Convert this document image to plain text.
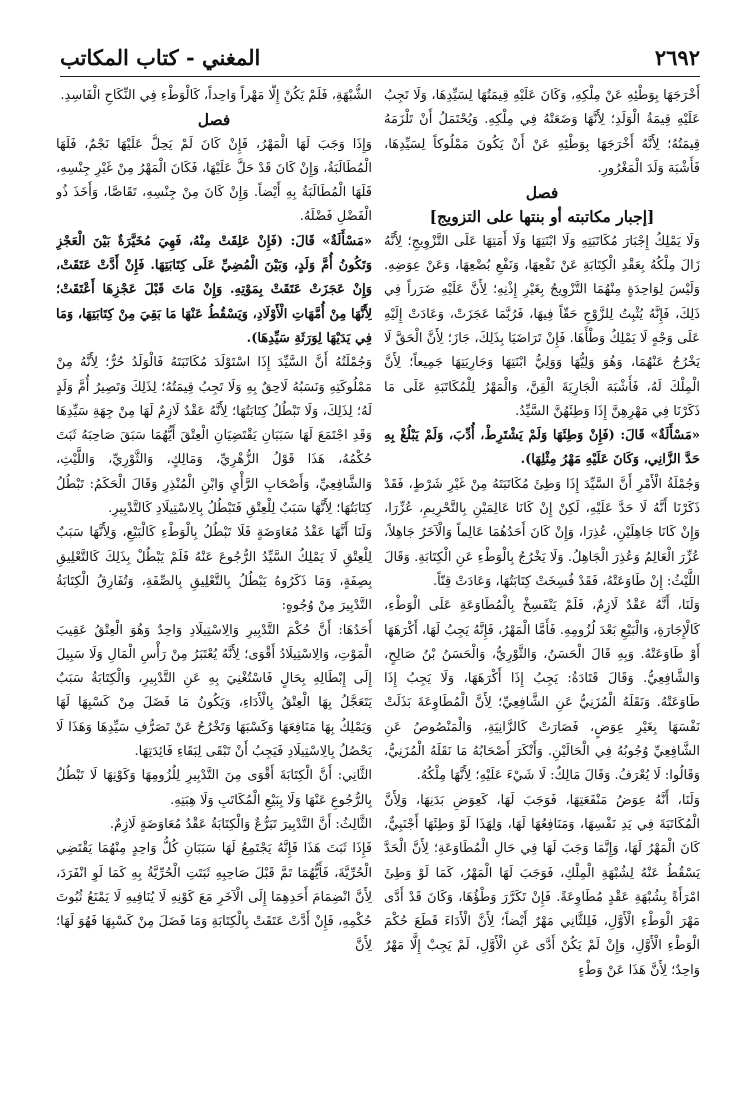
٢٦٩٢
المغني - كتاب المكاتب

أَخْرَجَهَا بِوَطْئِهِ عَنْ مِلْكِهِ، وَكَانَ عَلَيْهِ قِيمَتُهَا لِسَيِّدِهَا، وَلَا تَجِبُ عَلَيْهِ قِيمَةُ الْوَلَدِ؛ لِأَنَّهَا وَضَعَتْهُ فِي مِلْكِهِ. وَيُحْتَمَلُ أَنْ تَلْزَمَهُ قِيمَتُهُ؛ لِأَنَّهُ أَخْرَجَهَا بِوَطْئِهِ عَنْ أَنْ يَكُونَ مَمْلُوكاً لِسَيِّدِهَا، فَأَشْبَهَ وَلَدَ الْمَغْرُورِ.

فصل

[إجبار مكاتبته أو بنتها على التزويج]

وَلَا يَمْلِكُ إِجْبَارَ مُكَاتَبَتِهِ وَلَا ابْنَتِهَا وَلَا أَمَتِهَا عَلَى التَّزْوِيجِ؛ لِأَنَّهُ زَالَ مِلْكُهُ بِعَقْدِ الْكِتَابَةِ عَنْ نَفْعِهَا، وَنَفْعِ بُضْعِهَا، وَعَنْ عِوَضِهِ. وَلَيْسَ لِوَاحِدَةٍ مِنْهُمَا التَّزْوِيجُ بِغَيْرِ إِذْنِهِ؛ لِأَنَّ عَلَيْهِ ضَرَراً فِي ذَلِكَ، فَإِنَّهُ يُثْبِتُ لِلزَّوْجِ حَقّاً فِيهَا، فَرُبَّمَا عَجَزَتْ، وَعَادَتْ إِلَيْهِ عَلَى وَجْهٍ لَا يَمْلِكُ وَطْأَهَا. فَإِنْ تَرَاضَيَا بِذَلِكَ، جَازَ؛ لِأَنَّ الْحَقَّ لَا يَخْرُجُ عَنْهُمَا، وَهُوَ وَلِيُّهَا وَوَلِيُّ ابْنَتِهَا وَجَارِيَتِهَا جَمِيعاً؛ لِأَنَّ الْمِلْكَ لَهُ، فَأَشْبَهَ الْجَارِيَةَ الْقِنَّ، وَالْمَهْرُ لِلْمُكَاتَبَةِ عَلَى مَا ذَكَرْنَا فِي مَهْرِهِنَّ إِذَا وَطِئَهُنَّ السَّيِّدُ.

«مَسْأَلَةٌ» قَالَ: (فَإِنْ وَطِئَهَا وَلَمْ يَشْتَرِطْ، أُدِّبَ، وَلَمْ يَبْلُغْ بِهِ حَدَّ الزَّانِي، وَكَانَ عَلَيْهِ مَهْرُ مِثْلِهَا).

وَجُمْلَةُ الْأَمْرِ أَنَّ السَّيِّدَ إِذَا وَطِئَ مُكَاتَبَتَهُ مِنْ غَيْرِ شَرْطٍ، فَقَدْ ذَكَرْنَا أَنَّهُ لَا حَدَّ عَلَيْهِ، لَكِنْ إِنْ كَانَا عَالِمَيْنِ بِالتَّحْرِيمِ، عُزِّرَا، وَإِنْ كَانَا جَاهِلَيْنِ، عُذِرَا، وَإِنْ كَانَ أَحَدُهُمَا عَالِماً وَالْآخَرُ جَاهِلاً، عُزِّرَ الْعَالِمُ وَعُذِرَ الْجَاهِلُ. وَلَا يَخْرُجُ بِالْوَطْءِ عَنِ الْكِتَابَةِ. وَقَالَ اللَّيْثُ: إِنْ طَاوَعَتْهُ، فَقَدْ فُسِخَتْ كِتَابَتُهَا، وَعَادَتْ قِنّاً.

وَلَنَا، أَنَّهُ عَقْدٌ لَازِمٌ، فَلَمْ يَنْفَسِخْ بِالْمُطَاوَعَةِ عَلَى الْوَطْءِ، كَالْإِجَارَةِ، وَالْبَيْعِ بَعْدَ لُزُومِهِ. فَأَمَّا الْمَهْرُ، فَإِنَّهُ يَجِبُ لَهَا، أَكْرَهَهَا أَوْ طَاوَعَتْهُ. وَبِهِ قَالَ الْحَسَنُ، وَالثَّوْرِيُّ، وَالْحَسَنُ بْنُ صَالِحٍ، وَالشَّافِعِيُّ. وَقَالَ قَتَادَةُ: يَجِبُ إِذَا أَكْرَهَهَا، وَلَا يَجِبُ إِذَا طَاوَعَتْهُ. وَنَقَلَهُ الْمُزَنِيُّ عَنِ الشَّافِعِيِّ؛ لِأَنَّ الْمُطَاوِعَةَ بَذَلَتْ نَفْسَهَا بِغَيْرِ عِوَضٍ، فَصَارَتْ كَالزَّانِيَةِ، وَالْمَنْصُوصُ عَنِ الشَّافِعِيِّ وُجُوبُهُ فِي الْحَالَيْنِ. وَأَنْكَرَ أَصْحَابُهُ مَا نَقَلَهُ الْمُزَنِيُّ، وَقَالُوا: لَا يُعْرَفُ. وَقَالَ مَالِكٌ: لَا شَيْءَ عَلَيْهِ؛ لِأَنَّهَا مِلْكُهُ.

وَلَنَا، أَنَّهُ عِوَضُ مَنْفَعَتِهَا، فَوَجَبَ لَهَا، كَعِوَضِ بَدَنِهَا، وَلِأَنَّ الْمُكَاتَبَةَ فِي يَدِ نَفْسِهَا، وَمَنَافِعُهَا لَهَا، وَلِهَذَا لَوْ وَطِئَهَا أَجْنَبِيٌّ، كَانَ الْمَهْرُ لَهَا، وَإِنَّمَا وَجَبَ لَهَا فِي حَالِ الْمُطَاوَعَةِ؛ لِأَنَّ الْحَدَّ يَسْقُطُ عَنْهُ لِشُبْهَةِ الْمِلْكِ، فَوَجَبَ لَهَا الْمَهْرُ، كَمَا لَوْ وَطِئَ امْرَأَةً بِشُبْهَةِ عَقْدٍ مُطَاوِعَةً. فَإِنْ تَكَرَّرَ وَطْؤُهَا، وَكَانَ قَدْ أَدَّى مَهْرَ الْوَطْءِ الْأَوَّلِ، فَلِلثَّانِي مَهْرٌ أَيْضاً؛ لِأَنَّ الْأَدَاءَ قَطَعَ حُكْمَ الْوَطْءِ الْأَوَّلِ، وَإِنْ لَمْ يَكُنْ أَدَّى عَنِ الْأَوَّلِ، لَمْ يَجِبْ إِلَّا مَهْرٌ وَاحِدٌ؛ لِأَنَّ هَذَا عَنْ وَطْءٍ

الشُّبْهَةِ، فَلَمْ يَكُنْ إِلَّا مَهْراً وَاحِداً، كَالْوَطْءِ فِي النِّكَاحِ الْفَاسِدِ.

فصل

وَإِذَا وَجَبَ لَهَا الْمَهْرُ، فَإِنْ كَانَ لَمْ يَحِلَّ عَلَيْهَا نَجْمٌ، فَلَهَا الْمُطَالَبَةُ، وَإِنْ كَانَ قَدْ حَلَّ عَلَيْهَا، فَكَانَ الْمَهْرُ مِنْ غَيْرِ جِنْسِهِ، فَلَهَا الْمُطَالَبَةُ بِهِ أَيْضاً. وَإِنْ كَانَ مِنْ جِنْسِهِ، تَقَاصَّا، وَأَخَذَ ذُو الْفَضْلِ فَضْلَهُ.

«مَسْأَلَةٌ» قَالَ: (فَإِنْ عَلِقَتْ مِنْهُ، فَهِيَ مُخَيَّرَةٌ بَيْنَ الْعَجْزِ وَتَكُونُ أُمَّ وَلَدٍ، وَبَيْنَ الْمُضِيِّ عَلَى كِتَابَتِهَا. فَإِنْ أَدَّتْ عَتَقَتْ، وَإِنْ عَجَزَتْ عَتَقَتْ بِمَوْتِهِ. وَإِنْ مَاتَ قَبْلَ عَجْزِهَا أَعْتَقَتْ؛ لِأَنَّهَا مِنْ أُمَّهَاتِ الْأَوْلَادِ، وَيَسْقُطُ عَنْهَا مَا بَقِيَ مِنْ كِتَابَتِهَا، وَمَا فِي يَدَيْهَا لِوَرَثَةِ سَيِّدِهَا).

وَجُمْلَتُهُ أَنَّ السَّيِّدَ إِذَا اسْتَوْلَدَ مُكَاتَبَتَهُ فَالْوَلَدُ حُرٌّ؛ لِأَنَّهُ مِنْ مَمْلُوكَتِهِ وَنَسَبُهُ لَاحِقٌ بِهِ وَلَا تَجِبُ قِيمَتُهُ؛ لِذَلِكَ وَتَصِيرُ أُمَّ وَلَدٍ لَهُ؛ لِذَلِكَ، وَلَا تَبْطُلُ كِتَابَتُهَا؛ لِأَنَّهُ عَقْدٌ لَازِمٌ لَهَا مِنْ جِهَةِ سَيِّدِهَا وَقَدِ اجْتَمَعَ لَهَا سَبَبَانِ يَقْتَضِيَانِ الْعِتْقَ أَيُّهُمَا سَبَقَ صَاحِبَهُ ثَبَتَ حُكْمُهُ، هَذَا قَوْلُ الزُّهْرِيِّ، وَمَالِكٍ، وَالثَّوْرِيِّ، وَاللَّيْثِ، وَالشَّافِعِيِّ، وَأَصْحَابِ الرَّأْيِ وَابْنِ الْمُنْذِرِ وَقَالَ الْحَكَمُ: تَبْطُلُ كِتَابَتُهَا؛ لِأَنَّهَا سَبَبٌ لِلْعِتْقِ فَتَبْطُلُ بِالِاسْتِيلَادِ كَالتَّدْبِيرِ.

وَلَنَا أَنَّهَا عَقْدُ مُعَاوَضَةٍ فَلَا تَبْطُلُ بِالْوَطْءِ كَالْبَيْعِ، وَلِأَنَّهَا سَبَبٌ لِلْعِتْقِ لَا يَمْلِكُ السَّيِّدُ الرُّجُوعَ عَنْهُ فَلَمْ يَبْطُلْ بِذَلِكَ كَالتَّعْلِيقِ بِصِفَةٍ، وَمَا ذَكَرُوهُ يَبْطُلُ بِالتَّعْلِيقِ بِالصِّفَةِ، وَتُفَارِقُ الْكِتَابَةُ التَّدْبِيرَ مِنْ وُجُوهٍ:

أَحَدُهَا: أَنَّ حُكْمَ التَّدْبِيرِ وَالِاسْتِيلَادِ وَاحِدٌ وَهُوَ الْعِتْقُ عَقِيبَ الْمَوْتِ، وَالِاسْتِيلَادُ أَقْوَى؛ لِأَنَّهُ يُعْتَبَرُ مِنْ رَأْسِ الْمَالِ وَلَا سَبِيلَ إِلَى إِبْطَالِهِ بِحَالٍ فَاسْتُغْنِيَ بِهِ عَنِ التَّدْبِيرِ، وَالْكِتَابَةُ سَبَبٌ يَتَعَجَّلُ بِهَا الْعِتْقُ بِالْأَدَاءِ، وَيَكُونُ مَا فَضَلَ مِنْ كَسْبِهَا لَهَا وَيَمْلِكُ بِهَا مَنَافِعَهَا وَكَسْبَهَا وَتَخْرُجُ عَنْ تَصَرُّفِ سَيِّدِهَا وَهَذَا لَا يَحْصُلُ بِالِاسْتِيلَادِ فَيَجِبُ أَنْ تَبْقَى لِبَقَاءِ فَائِدَتِهَا.

الثَّانِي: أَنَّ الْكِتَابَةَ أَقْوَى مِنَ التَّدْبِيرِ لِلُزُومِهَا وَكَوْنِهَا لَا تَبْطُلُ بِالرُّجُوعِ عَنْهَا وَلَا بِبَيْعِ الْمُكَاتَبِ وَلَا هِبَتِهِ.

الثَّالِثُ: أَنَّ التَّدْبِيرَ تَبَرُّعٌ وَالْكِتَابَةُ عَقْدُ مُعَاوَضَةٍ لَازِمٌ.

فَإِذَا ثَبَتَ هَذَا فَإِنَّهُ يَجْتَمِعُ لَهَا سَبَبَانِ كُلُّ وَاحِدٍ مِنْهُمَا يَقْتَضِي الْحُرِّيَّةَ، فَأَيُّهُمَا تَمَّ قَبْلَ صَاحِبِهِ ثَبَتَتِ الْحُرِّيَّةُ بِهِ كَمَا لَوِ انْفَرَدَ، لِأَنَّ انْضِمَامَ أَحَدِهِمَا إِلَى الْآخَرِ مَعَ كَوْنِهِ لَا يُنَافِيهِ لَا يَمْنَعُ ثُبُوتَ حُكْمِهِ، فَإِنْ أَدَّتْ عَتَقَتْ بِالْكِتَابَةِ وَمَا فَضَلَ مِنْ كَسْبِهَا فَهُوَ لَهَا؛ لِأَنَّ
